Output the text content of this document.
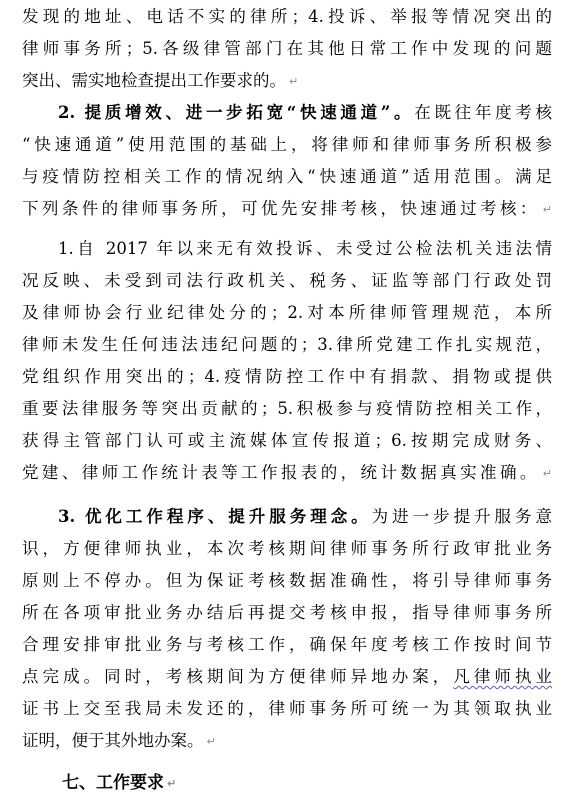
发现的地址、电话不实的律所；4.投诉、举报等情况突出的
律师事务所；5.各级律管部门在其他日常工作中发现的问题
突出、需实地检查提出工作要求的。 ↵
2. 提质增效、进一步拓宽“快速通道”。在既往年度考核
“快速通道”使用范围的基础上，将律师和律师事务所积极参
与疫情防控相关工作的情况纳入“快速通道”适用范围。满足
下列条件的律师事务所，可优先安排考核，快速通过考核： ↵
1.自 2017 年以来无有效投诉、未受过公检法机关违法情
况反映、未受到司法行政机关、税务、证监等部门行政处罚
及律师协会行业纪律处分的；2.对本所律师管理规范，本所
律师未发生任何违法违纪问题的；3.律所党建工作扎实规范，
党组织作用突出的；4.疫情防控工作中有捐款、捐物或提供
重要法律服务等突出贡献的；5.积极参与疫情防控相关工作，
获得主管部门认可或主流媒体宣传报道；6.按期完成财务、
党建、律师工作统计表等工作报表的，统计数据真实准确。 ↵
3. 优化工作程序、提升服务理念。为进一步提升服务意
识，方便律师执业，本次考核期间律师事务所行政审批业务
原则上不停办。但为保证考核数据准确性，将引导律师事务
所在各项审批业务办结后再提交考核申报，指导律师事务所
合理安排审批业务与考核工作，确保年度考核工作按时间节
点完成。同时，考核期间为方便律师异地办案，凡律师执业
证书上交至我局未发还的，律师事务所可统一为其领取执业
证明，便于其外地办案。 ↵
七、工作要求 ↵
